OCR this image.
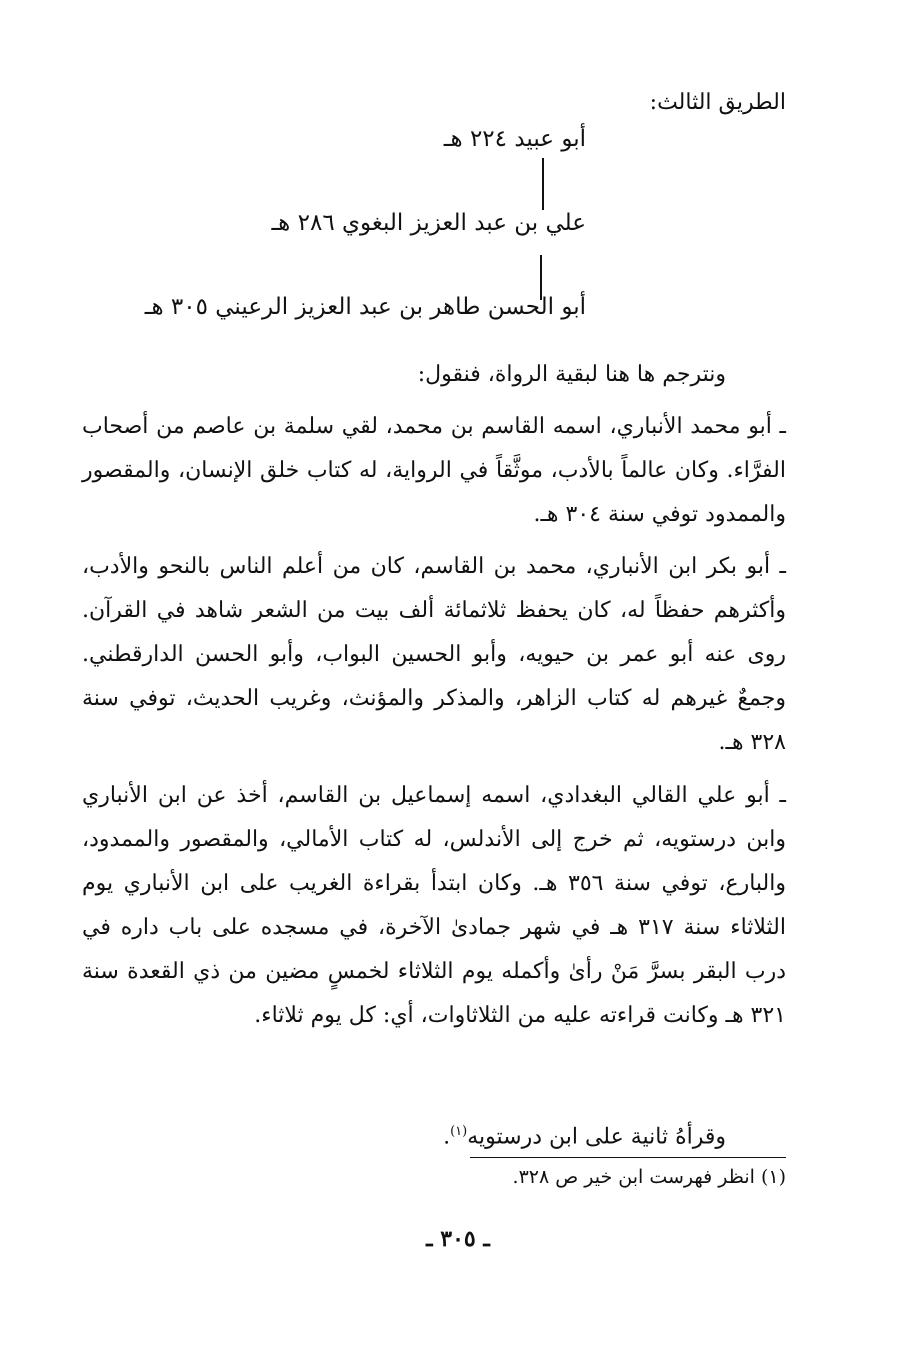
الطريق الثالث:
أبو عبيد ٢٢٤ هـ
علي بن عبد العزيز البغوي ٢٨٦ هـ
أبو الحسن طاهر بن عبد العزيز الرعيني ٣٠٥ هـ
ونترجم ها هنا لبقية الرواة، فنقول:
ـ أبو محمد الأنباري، اسمه القاسم بن محمد، لقي سلمة بن عاصم من أصحاب الفرَّاء. وكان عالماً بالأدب، موثَّقاً في الرواية، له كتاب خلق الإنسان، والمقصور والممدود توفي سنة ٣٠٤ هـ.
ـ أبو بكر ابن الأنباري، محمد بن القاسم، كان من أعلم الناس بالنحو والأدب، وأكثرهم حفظاً له، كان يحفظ ثلاثمائة ألف بيت من الشعر شاهد في القرآن. روى عنه أبو عمر بن حيويه، وأبو الحسين البواب، وأبو الحسن الدارقطني. وجمعٌ غيرهم له كتاب الزاهر، والمذكر والمؤنث، وغريب الحديث، توفي سنة ٣٢٨ هـ.
ـ أبو علي القالي البغدادي، اسمه إسماعيل بن القاسم، أخذ عن ابن الأنباري وابن درستويه، ثم خرج إلى الأندلس، له كتاب الأمالي، والمقصور والممدود، والبارع، توفي سنة ٣٥٦ هـ. وكان ابتدأ بقراءة الغريب على ابن الأنباري يوم الثلاثاء سنة ٣١٧ هـ في شهر جمادىٰ الآخرة، في مسجده على باب داره في درب البقر بسرَّ مَنْ رأىٰ وأكمله يوم الثلاثاء لخمسٍ مضين من ذي القعدة سنة ٣٢١ هـ وكانت قراءته عليه من الثلاثاوات، أي: كل يوم ثلاثاء.
وقرأهُ ثانية على ابن درستويه$^{(١)}$.
(١) انظر فهرست ابن خير ص ٣٢٨.
ـ ٣٠٥ ـ
